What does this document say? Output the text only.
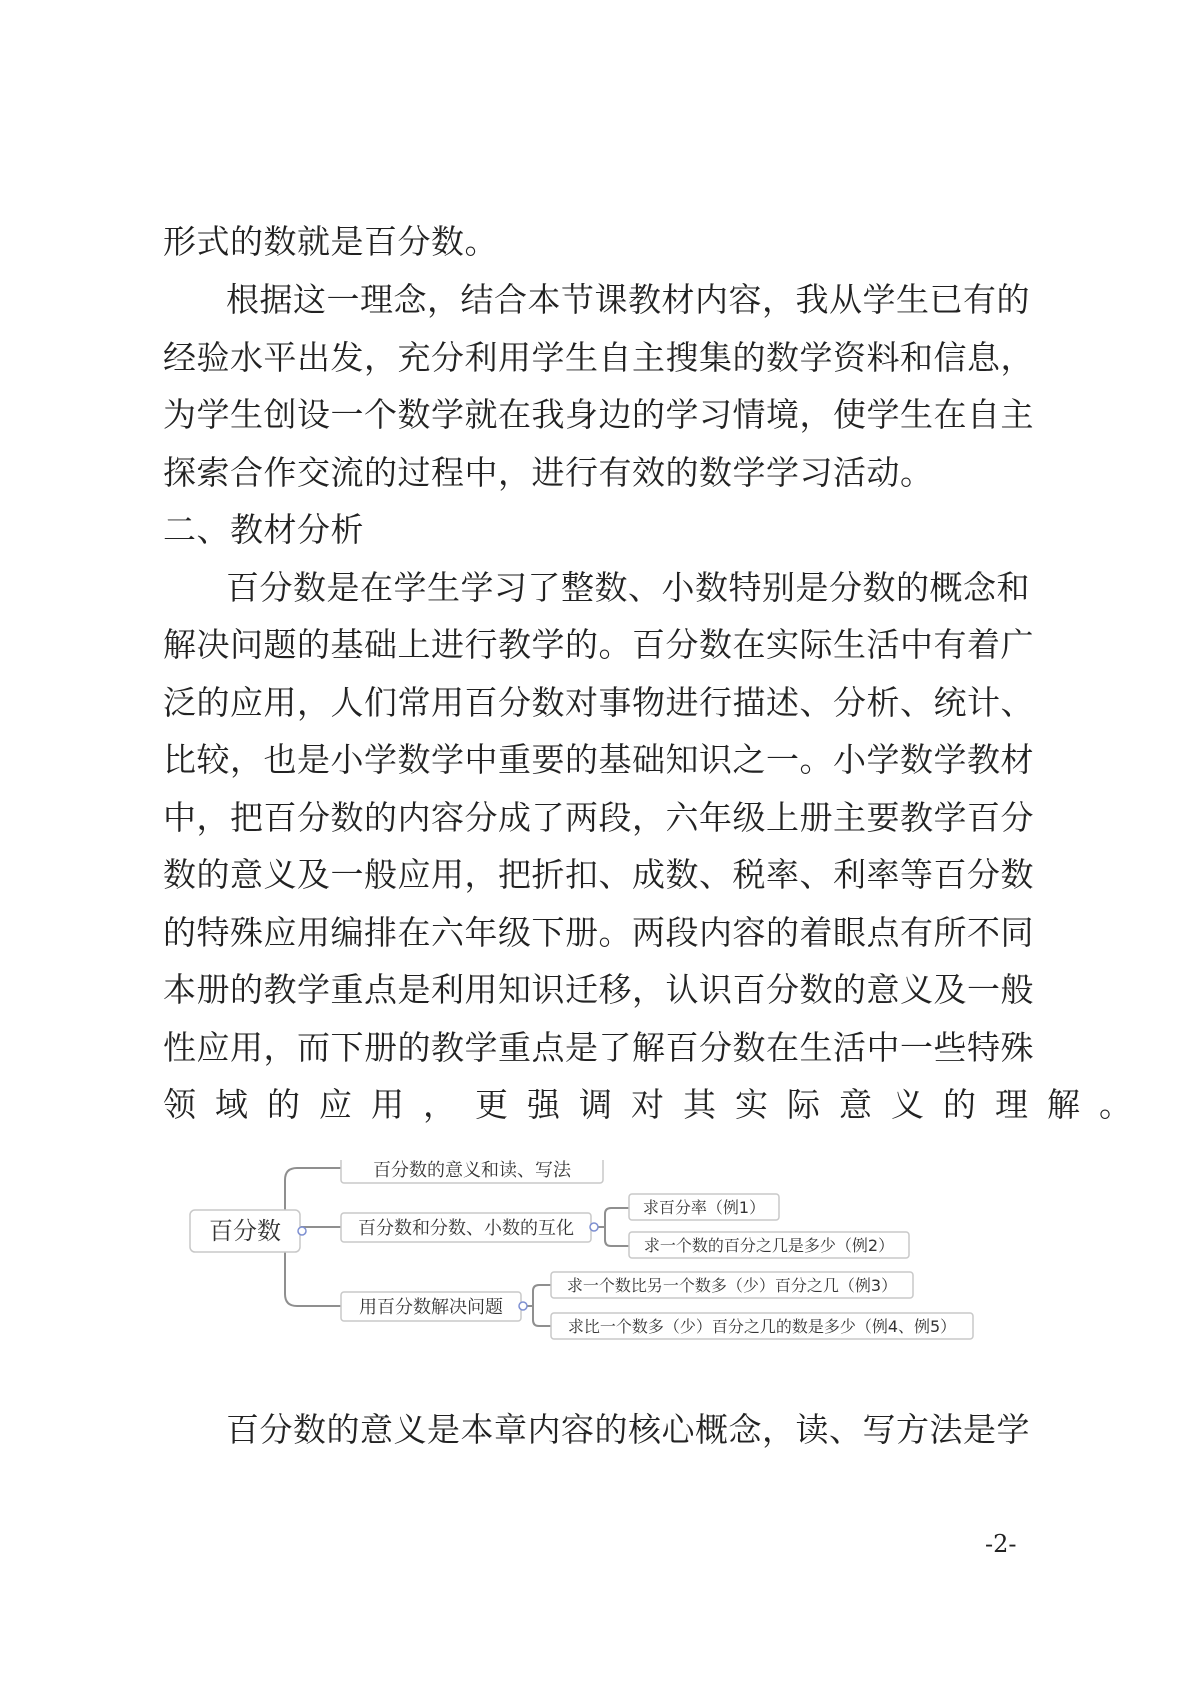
形式的数就是百分数。
根据这一理念，结合本节课教材内容，我从学生已有的
经验水平出发，充分利用学生自主搜集的数学资料和信息，
为学生创设一个数学就在我身边的学习情境，使学生在自主
探索合作交流的过程中，进行有效的数学学习活动。
二、教材分析
百分数是在学生学习了整数、小数特别是分数的概念和
解决问题的基础上进行教学的。百分数在实际生活中有着广
泛的应用，人们常用百分数对事物进行描述、分析、统计、
比较，也是小学数学中重要的基础知识之一。小学数学教材
中，把百分数的内容分成了两段，六年级上册主要教学百分
数的意义及一般应用，把折扣、成数、税率、利率等百分数
的特殊应用编排在六年级下册。两段内容的着眼点有所不同
本册的教学重点是利用知识迁移，认识百分数的意义及一般
性应用，而下册的教学重点是了解百分数在生活中一些特殊
领域的应用，更强调对其实际意义的理解。
百分数
百分数的意义和读、写法
百分数和分数、小数的互化
求百分率（例1）
求一个数的百分之几是多少（例2）
用百分数解决问题
求一个数比另一个数多（少）百分之几（例3）
求比一个数多（少）百分之几的数是多少（例4、例5）
百分数的意义是本章内容的核心概念，读、写方法是学
-2-
